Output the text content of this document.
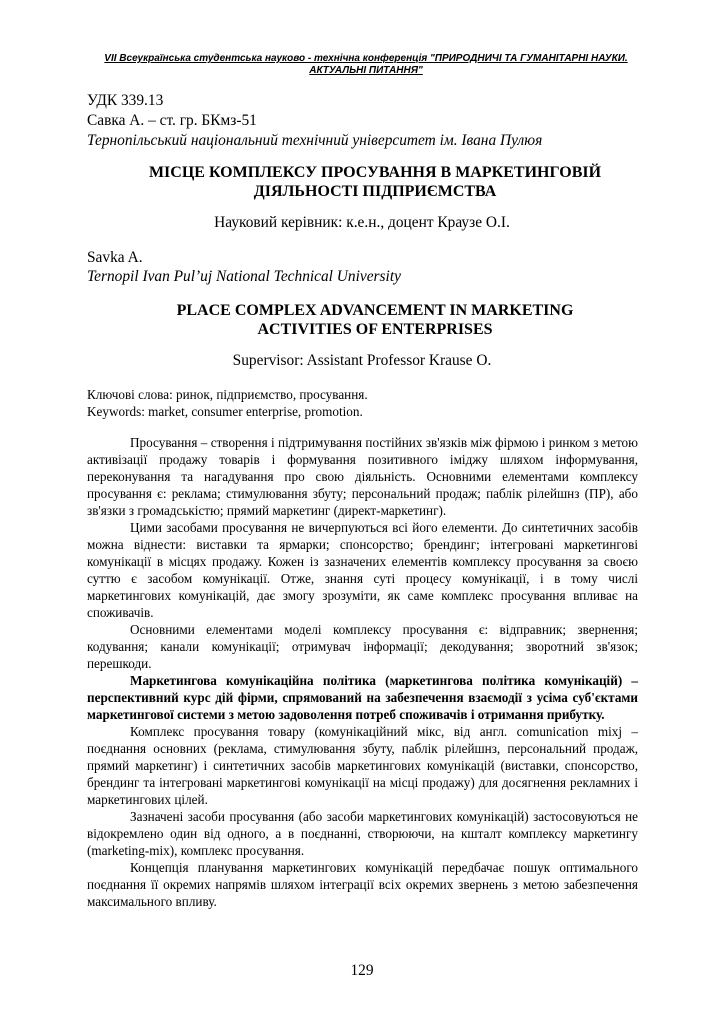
VII Всеукраїнська студентська науково - технічна конференція "ПРИРОДНИЧІ ТА ГУМАНІТАРНІ НАУКИ. АКТУАЛЬНІ ПИТАННЯ"
УДК 339.13
Савка А. – ст. гр. БКмз-51
Тернопільський національний технічний університет ім. Івана Пулюя
МІСЦЕ КОМПЛЕКСУ ПРОСУВАННЯ В МАРКЕТИНГОВІЙ
ДІЯЛЬНОСТІ ПІДПРИЄМСТВА
Науковий керівник: к.е.н., доцент Краузе О.І.
Savka A.
Ternopil Ivan Pul’uj National Technical University
PLACE COMPLEX ADVANCEMENT IN MARKETING
ACTIVITIES OF ENTERPRISES
Supervisor: Assistant Professor Krause O.
Ключові слова: ринок, підприємство, просування.
Keywords: market, consumer enterprise, promotion.

Просування – створення і підтримування постійних зв'язків між фірмою і ринком з метою активізації продажу товарів і формування позитивного іміджу шляхом інформування, переконування та нагадування про свою діяльність. Основними елементами комплексу просування є: реклама; стимулювання збуту; персональний продаж; паблік рілейшнз (ПР), або зв'язки з громадськістю; прямий маркетинг (директ-маркетинг).

Цими засобами просування не вичерпуються всі його елементи. До синтетичних засобів можна віднести: виставки та ярмарки; спонсорство; брендинг; інтегровані маркетингові комунікації в місцях продажу. Кожен із зазначених елементів комплексу просування за своєю суттю є засобом комунікації. Отже, знання суті процесу комунікації, і в тому числі маркетингових комунікацій, дає змогу зрозуміти, як саме комплекс просування впливає на споживачів.

Основними елементами моделі комплексу просування є: відправник; звернення; кодування; канали комунікації; отримувач інформації; декодування; зворотний зв'язок; перешкоди.

Маркетингова комунікаційна політика (маркетингова політика комунікацій) – перспективний курс дій фірми, спрямований на забезпечення взаємодії з усіма суб'єктами маркетингової системи з метою задоволення потреб споживачів і отримання прибутку.

Комплекс просування товару (комунікаційний мікс, від англ. comunication mixj – поєднання основних (реклама, стимулювання збуту, паблік рілейшнз, персональний продаж, прямий маркетинг) і синтетичних засобів маркетингових комунікацій (виставки, спонсорство, брендинг та інтегровані маркетингові комунікації на місці продажу) для досягнення рекламних і маркетингових цілей.

Зазначені засоби просування (або засоби маркетингових комунікацій) застосовуються не відокремлено один від одного, а в поєднанні, створюючи, на кшталт комплексу маркетингу (marketing-mix), комплекс просування.

Концепція планування маркетингових комунікацій передбачає пошук оптимального поєднання її окремих напрямів шляхом інтеграції всіх окремих звернень з метою забезпечення максимального впливу.

129
